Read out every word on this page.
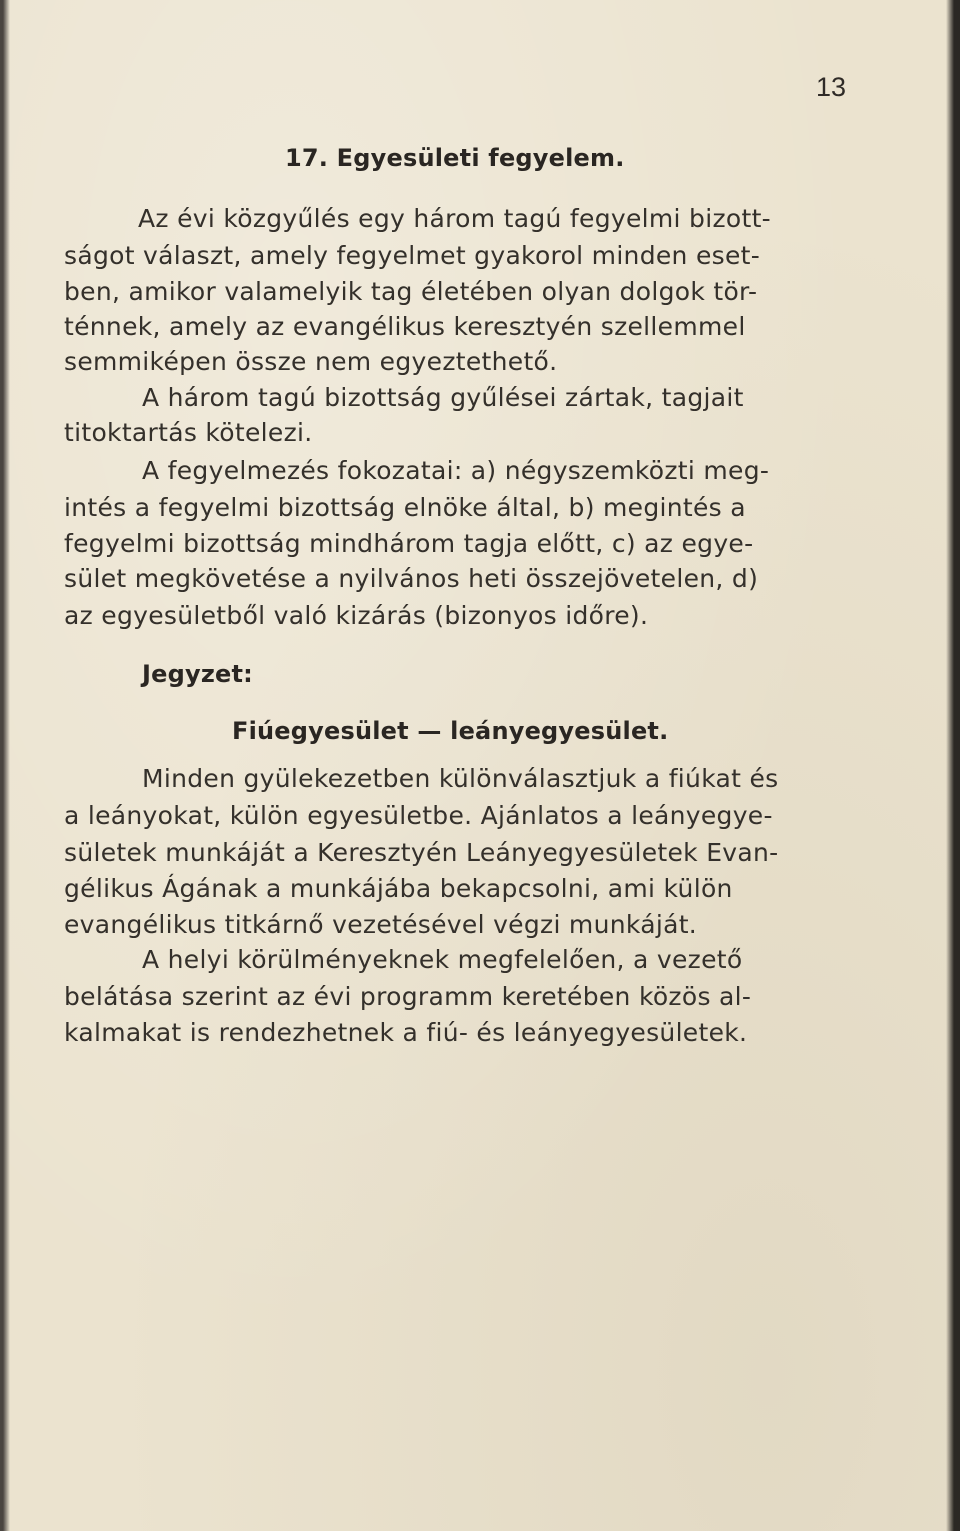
13
17. Egyesületi fegyelem.
Az évi közgyűlés egy három tagú fegyelmi bizott-
ságot választ, amely fegyelmet gyakorol minden eset-
ben, amikor valamelyik tag életében olyan dolgok tör-
ténnek, amely az evangélikus keresztyén szellemmel
semmiképen össze nem egyeztethető.
A három tagú bizottság gyűlései zártak, tagjait
titoktartás kötelezi.
A fegyelmezés fokozatai: a) négyszemközti meg-
intés a fegyelmi bizottság elnöke által, b) megintés a
fegyelmi bizottság mindhárom tagja előtt, c) az egye-
sület megkövetése a nyilvános heti összejövetelen, d)
az egyesületből való kizárás (bizonyos időre).
Jegyzet:
Fiúegyesület — leányegyesület.
Minden gyülekezetben különválasztjuk a fiúkat és
a leányokat, külön egyesületbe. Ajánlatos a leányegye-
sületek munkáját a Keresztyén Leányegyesületek Evan-
gélikus Ágának a munkájába bekapcsolni, ami külön
evangélikus titkárnő vezetésével végzi munkáját.
A helyi körülményeknek megfelelően, a vezető
belátása szerint az évi programm keretében közös al-
kalmakat is rendezhetnek a fiú- és leányegyesületek.
